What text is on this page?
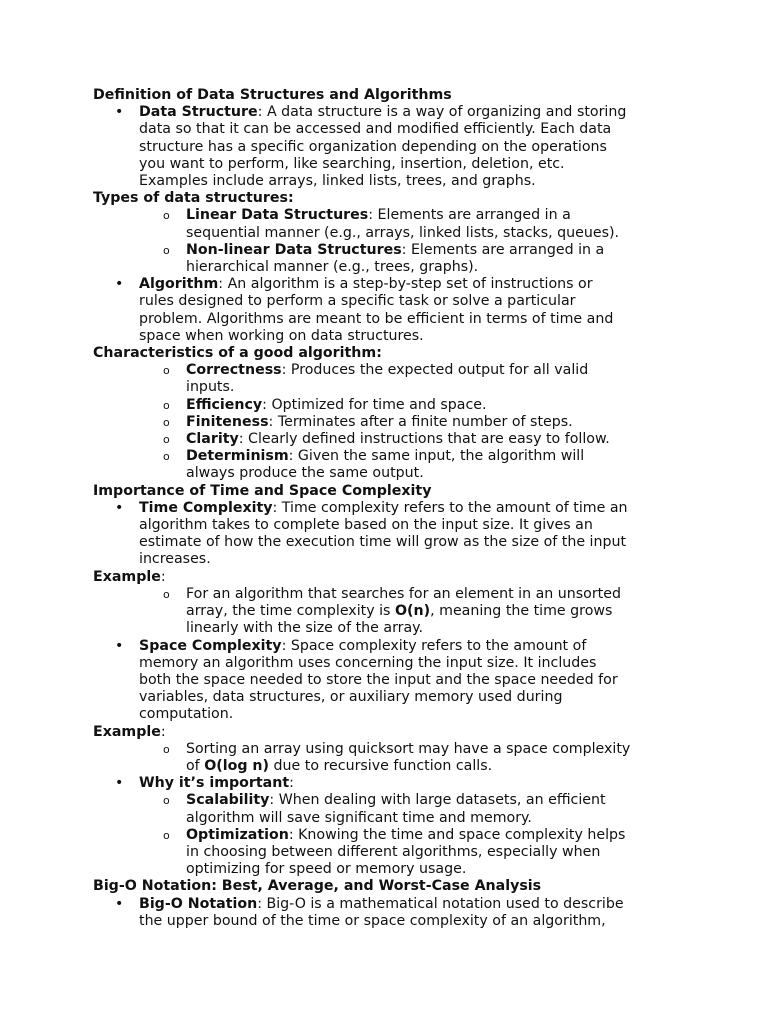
Definition of Data Structures and Algorithms
• Data Structure: A data structure is a way of organizing and storing
data so that it can be accessed and modified efficiently. Each data
structure has a specific organization depending on the operations
you want to perform, like searching, insertion, deletion, etc.
Examples include arrays, linked lists, trees, and graphs.
Types of data structures:
o Linear Data Structures: Elements are arranged in a
sequential manner (e.g., arrays, linked lists, stacks, queues).
o Non-linear Data Structures: Elements are arranged in a
hierarchical manner (e.g., trees, graphs).
• Algorithm: An algorithm is a step-by-step set of instructions or
rules designed to perform a specific task or solve a particular
problem. Algorithms are meant to be efficient in terms of time and
space when working on data structures.
Characteristics of a good algorithm:
o Correctness: Produces the expected output for all valid
inputs.
o Efficiency: Optimized for time and space.
o Finiteness: Terminates after a finite number of steps.
o Clarity: Clearly defined instructions that are easy to follow.
o Determinism: Given the same input, the algorithm will
always produce the same output.
Importance of Time and Space Complexity
• Time Complexity: Time complexity refers to the amount of time an
algorithm takes to complete based on the input size. It gives an
estimate of how the execution time will grow as the size of the input
increases.
Example:
o For an algorithm that searches for an element in an unsorted
array, the time complexity is O(n), meaning the time grows
linearly with the size of the array.
• Space Complexity: Space complexity refers to the amount of
memory an algorithm uses concerning the input size. It includes
both the space needed to store the input and the space needed for
variables, data structures, or auxiliary memory used during
computation.
Example:
o Sorting an array using quicksort may have a space complexity
of O(log n) due to recursive function calls.
• Why it’s important:
o Scalability: When dealing with large datasets, an efficient
algorithm will save significant time and memory.
o Optimization: Knowing the time and space complexity helps
in choosing between different algorithms, especially when
optimizing for speed or memory usage.
Big-O Notation: Best, Average, and Worst-Case Analysis
• Big-O Notation: Big-O is a mathematical notation used to describe
the upper bound of the time or space complexity of an algorithm,
